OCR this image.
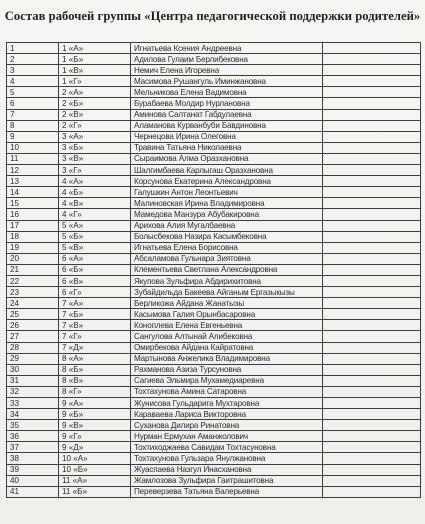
Состав рабочей группы «Центра педагогической поддержки родителей»
1	1 «А»	Игнатьева Ксения Андреевна	
2	1 «Б»	Адилова Гулаим Берлибековна	
3	1 «В»	Немич Елена Игоревна	
4	1 «Г»	Масимова Рушангуль Иминжановна	
5	2 «А»	Мельникова Елена Вадимовна	
6	2 «Б»	Бурабаева Молдир Нурлановна	
7	2 «В»	Аминова Салтанат Габдулаевна	
8	2 «Г»	Аламанова Курванбуби Бавдиновна	
9	3 «А»	Чернецова Ирина Олеговна	
10	3 «Б»	Травина Татьяна Николаевна	
11	3 «В»	Сыраимова Алма Оразхановна	
12	3 «Г»	Шалгимбаева Карлыгаш Оразхановна	
13	4 «А»	Корсунова Екатерина Александровна	
14	4 «Б»	Галушкин Антон Леонтьевич	
15	4 «В»	Малиновская Ирина Владимировна	
16	4 «Г»	Мамедова Манзура Абубакировна	
17	5 «А»	Арихова Алия Мугалбаевна	
18	5 «Б»	Болысбекова Назира Касымбековна	
19	5 «В»	Игнатьева Елена Борисовна	
20	6 «А»	Абсаламова Гульнара Зиятовна	
21	6 «Б»	Клементьева Светлана Александровна	
22	6 «В»	Якупова Зульфира Абдирихитовна	
23	6 «Г»	Зубайдильда Бакеева Айганым Ергазыкызы	
24	7 «А»	Берликожа Айдана Жанатызы	
25	7 «Б»	Касымова Галия Орынбасаровна	
26	7 «В»	Коноплева Елена Евгеньевна	
27	7 «Г»	Сангулова Алтынай Алибековна	
28	7 «Д»	Омирбекова Айдана Кайратовна	
29	8 «А»	Мартынова Анжелика Владимировна	
30	8 «Б»	Рахманова Азиза Турсуновна	
31	8 «В»	Сагиева Эльмира Мухамедиаревна	
32	8 «Г»	Тохтахунова Амина Сатаровна	
33	9 «А»	Жунисова Гульдарига Мухтаровна	
34	9 «Б»	Караваева Лариса Викторовна	
35	9 «В»	Суханова Дилира Ринатовна	
36	9 «Г»	Нурман Ермухан Аманжолович	
37	9 «Д»	Тохтиходжаева Савидам Тохтасуновна	
38	10 «А»	Тохтахунова Гульзара Янулжановна	
39	10 «Б»	Жуаспаева Назгул Инасхановна	
40	11 «А»	Жамлозова Зульфира Гаитрашитовна	
41	11 «Б»	Переверзева Татьяна Валерьевна	
